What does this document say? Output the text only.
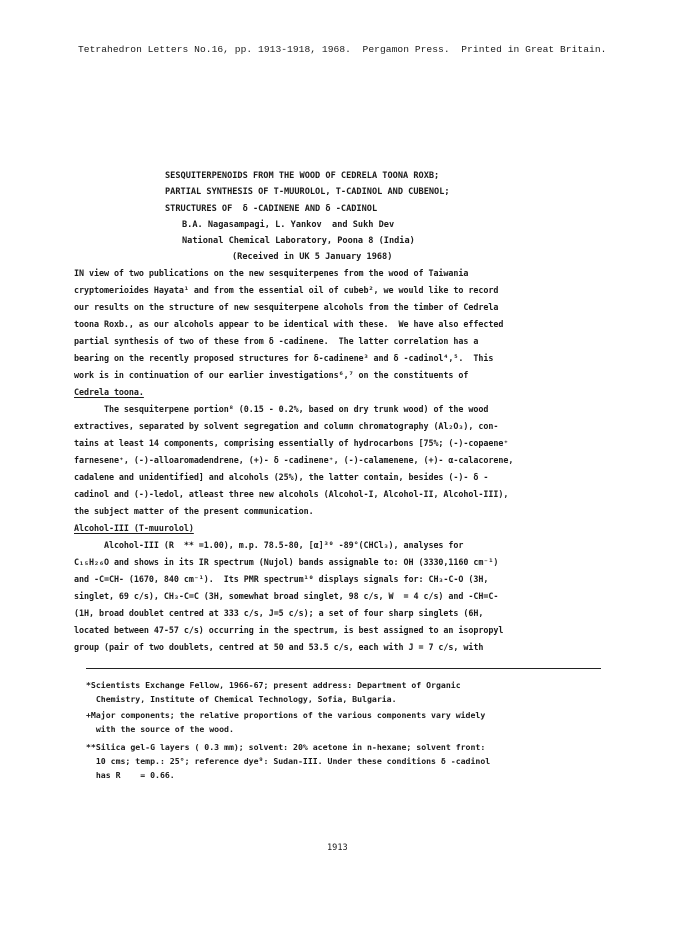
Tetrahedron Letters No.16, pp. 1913-1918, 1968.  Pergamon Press.  Printed in Great Britain.
SESQUITERPENOIDS FROM THE WOOD OF CEDRELA TOONA ROXB;
PARTIAL SYNTHESIS OF T-MUUROLOL, T-CADINOL AND CUBENOL;
STRUCTURES OF  δ -CADINENE AND δ -CADINOL
B.A. Nagasampagi, L. Yankov  and Sukh Dev
National Chemical Laboratory, Poona 8 (India)
(Received in UK 5 January 1968)
IN view of two publications on the new sesquiterpenes from the wood of Taiwania
cryptomerioides Hayata¹ and from the essential oil of cubeb², we would like to record
our results on the structure of new sesquiterpene alcohols from the timber of Cedrela
toona Roxb., as our alcohols appear to be identical with these.  We have also effected
partial synthesis of two of these from δ -cadinene.  The latter correlation has a
bearing on the recently proposed structures for δ-cadinene³ and δ -cadinol⁴,⁵.  This
work is in continuation of our earlier investigations⁶,⁷ on the constituents of
Cedrela toona.
The sesquiterpene portion⁸ (0.15 - 0.2%, based on dry trunk wood) of the wood
extractives, separated by solvent segregation and column chromatography (Al₂O₃), con-
tains at least 14 components, comprising essentially of hydrocarbons [75%; (-)-copaene⁺
farnesene⁺, (-)-alloaromadendrene, (+)- δ -cadinene⁺, (-)-calamenene, (+)- α-calacorene,
cadalene and unidentified] and alcohols (25%), the latter contain, besides (-)- δ -
cadinol and (-)-ledol, atleast three new alcohols (Alcohol-I, Alcohol-II, Alcohol-III),
the subject matter of the present communication.
Alcohol-III (T-muurolol)
Alcohol-III (R  ** =1.00), m.p. 78.5-80, [α]³⁰ -89°(CHCl₃), analyses for
C₁₅H₂₆O and shows in its IR spectrum (Nujol) bands assignable to: OH (3330,1160 cm⁻¹)
and -C=CH- (1670, 840 cm⁻¹).  Its PMR spectrum¹⁰ displays signals for: CH₃-C-O (3H,
singlet, 69 c/s), CH₃-C=C (3H, somewhat broad singlet, 98 c/s, W  = 4 c/s) and -CH=C-
(1H, broad doublet centred at 333 c/s, J=5 c/s); a set of four sharp singlets (6H,
located between 47-57 c/s) occurring in the spectrum, is best assigned to an isopropyl
group (pair of two doublets, centred at 50 and 53.5 c/s, each with J = 7 c/s, with
*Scientists Exchange Fellow, 1966-67; present address: Department of Organic
Chemistry, Institute of Chemical Technology, Sofia, Bulgaria.
+Major components; the relative proportions of the various components vary widely
with the source of the wood.
**Silica gel-G layers ( 0.3 mm); solvent: 20% acetone in n-hexane; solvent front:
10 cms; temp.: 25°; reference dye⁹: Sudan-III. Under these conditions δ -cadinol
has R    = 0.66.
1913
